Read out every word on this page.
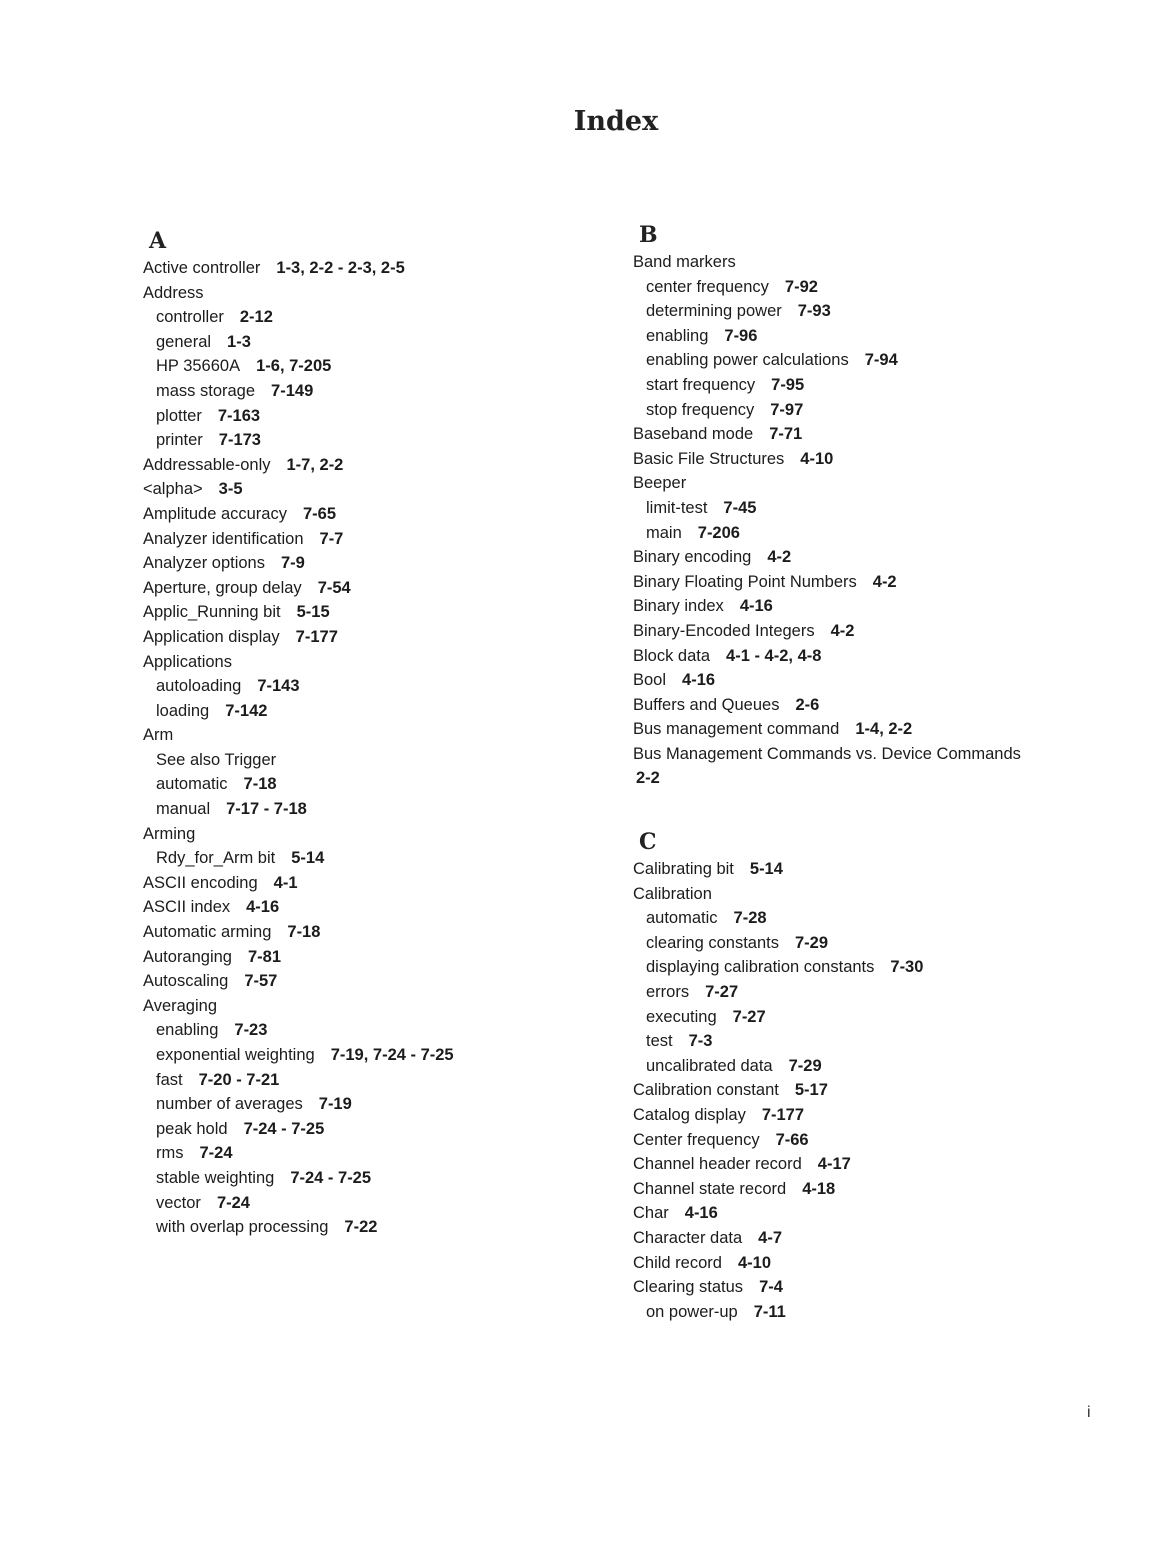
Index
A
Active controller 1-3, 2-2 - 2-3, 2-5
Address
controller 2-12
general 1-3
HP 35660A 1-6, 7-205
mass storage 7-149
plotter 7-163
printer 7-173
Addressable-only 1-7, 2-2
<alpha> 3-5
Amplitude accuracy 7-65
Analyzer identification 7-7
Analyzer options 7-9
Aperture, group delay 7-54
Applic_Running bit 5-15
Application display 7-177
Applications
autoloading 7-143
loading 7-142
Arm
See also Trigger
automatic 7-18
manual 7-17 - 7-18
Arming
Rdy_for_Arm bit 5-14
ASCII encoding 4-1
ASCII index 4-16
Automatic arming 7-18
Autoranging 7-81
Autoscaling 7-57
Averaging
enabling 7-23
exponential weighting 7-19, 7-24 - 7-25
fast 7-20 - 7-21
number of averages 7-19
peak hold 7-24 - 7-25
rms 7-24
stable weighting 7-24 - 7-25
vector 7-24
with overlap processing 7-22
B
Band markers
center frequency 7-92
determining power 7-93
enabling 7-96
enabling power calculations 7-94
start frequency 7-95
stop frequency 7-97
Baseband mode 7-71
Basic File Structures 4-10
Beeper
limit-test 7-45
main 7-206
Binary encoding 4-2
Binary Floating Point Numbers 4-2
Binary index 4-16
Binary-Encoded Integers 4-2
Block data 4-1 - 4-2, 4-8
Bool 4-16
Buffers and Queues 2-6
Bus management command 1-4, 2-2
Bus Management Commands vs. Device Commands
2-2
C
Calibrating bit 5-14
Calibration
automatic 7-28
clearing constants 7-29
displaying calibration constants 7-30
errors 7-27
executing 7-27
test 7-3
uncalibrated data 7-29
Calibration constant 5-17
Catalog display 7-177
Center frequency 7-66
Channel header record 4-17
Channel state record 4-18
Char 4-16
Character data 4-7
Child record 4-10
Clearing status 7-4
on power-up 7-11
i
